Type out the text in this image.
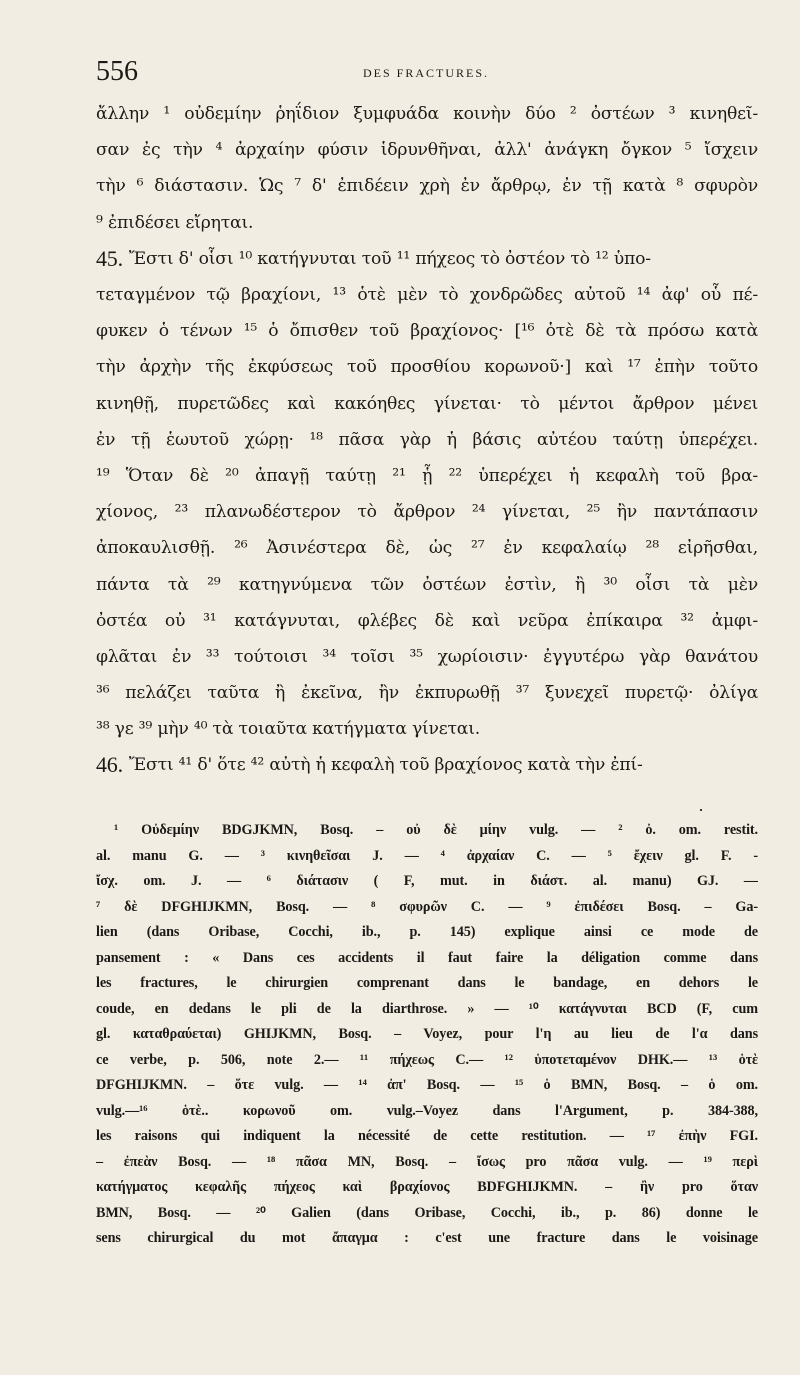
556	DES FRACTURES.
ἄλλην ¹ οὐδεμίην ῥηΐδιον ξυμφυάδα κοινὴν δύο ² ὀστέων ³ κινηθεῖ-
σαν ἐς τὴν ⁴ ἀρχαίην φύσιν ἱδρυνθῆναι, ἀλλ' ἀνάγκη ὄγκον ⁵ ἴσχειν
τὴν ⁶ διάστασιν. Ὡς ⁷ δ' ἐπιδέειν χρὴ ἐν ἄρθρῳ, ἐν τῇ κατὰ ⁸ σφυρὸν
⁹ ἐπιδέσει εἴρηται.
45. Ἔστι δ' οἷσι ¹⁰ κατήγνυται τοῦ ¹¹ πήχεος τὸ ὀστέον τὸ ¹² ὑπο-
τεταγμένον τῷ βραχίονι, ¹³ ὁτὲ μὲν τὸ χονδρῶδες αὐτοῦ ¹⁴ ἀφ' οὗ πέ-
φυκεν ὁ τένων ¹⁵ ὁ ὄπισθεν τοῦ βραχίονος· [¹⁶ ὁτὲ δὲ τὰ πρόσω κατὰ
τὴν ἀρχὴν τῆς ἐκφύσεως τοῦ προσθίου κορωνοῦ·] καὶ ¹⁷ ἐπὴν τοῦτο
κινηθῇ, πυρετῶδες καὶ κακόηθες γίνεται· τὸ μέντοι ἄρθρον μένει
ἐν τῇ ἑωυτοῦ χώρῃ· ¹⁸ πᾶσα γὰρ ἡ βάσις αὐτέου ταύτῃ ὑπερέχει.
¹⁹ Ὅταν δὲ ²⁰ ἀπαγῇ ταύτῃ ²¹ ᾗ ²² ὑπερέχει ἡ κεφαλὴ τοῦ βρα-
χίονος, ²³ πλανωδέστερον τὸ ἄρθρον ²⁴ γίνεται, ²⁵ ἢν παντάπασιν
ἀποκαυλισθῇ. ²⁶ Ἀσινέστερα δὲ, ὡς ²⁷ ἐν κεφαλαίῳ ²⁸ εἰρῆσθαι,
πάντα τὰ ²⁹ κατηγνύμενα τῶν ὀστέων ἐστὶν, ἢ ³⁰ οἷσι τὰ μὲν
ὀστέα οὐ ³¹ κατάγνυται, φλέβες δὲ καὶ νεῦρα ἐπίκαιρα ³² ἀμφι-
φλᾶται ἐν ³³ τούτοισι ³⁴ τοῖσι ³⁵ χωρίοισιν· ἐγγυτέρω γὰρ θανάτου
³⁶ πελάζει ταῦτα ἢ ἐκεῖνα, ἢν ἐκπυρωθῇ ³⁷ ξυνεχεῖ πυρετῷ· ὀλίγα
³⁸ γε ³⁹ μὴν ⁴⁰ τὰ τοιαῦτα κατήγματα γίνεται.
46. Ἔστι ⁴¹ δ' ὅτε ⁴² αὐτὴ ἡ κεφαλὴ τοῦ βραχίονος κατὰ τὴν ἐπί-
¹ Οὐδεμίην BDGJKMN, Bosq. – οὐ δὲ μίην vulg. — ² ὀ. om. restit.
al. manu G. — ³ κινηθεῖσαι J. — ⁴ ἀρχαίαν C. — ⁵ ἔχειν gl. F. -
ἴσχ. om. J. — ⁶ διάτασιν ( F, mut. in διάστ. al. manu) GJ. —
⁷ δὲ DFGHIJKMN, Bosq. — ⁸ σφυρῶν C. — ⁹ ἐπιδέσει Bosq. – Ga-
lien (dans Oribase, Cocchi, ib., p. 145) explique ainsi ce mode de
pansement : « Dans ces accidents il faut faire la déligation comme dans
les fractures, le chirurgien comprenant dans le bandage, en dehors le
coude, en dedans le pli de la diarthrose. » — ¹⁰ κατάγνυται BCD (F, cum
gl. καταθραύεται) GHIJKMN, Bosq. – Voyez, pour l'η au lieu de l'α dans
ce verbe, p. 506, note 2.— ¹¹ πήχεως C.— ¹² ὑποτεταμένον DHK.— ¹³ ὁτὲ
DFGHIJKMN. – ὅτε vulg. — ¹⁴ ἀπ' Bosq. — ¹⁵ ὁ BMN, Bosq. – ὁ om.
vulg.—¹⁶ ὁτὲ.. κορωνοῦ om. vulg.–Voyez dans l'Argument, p. 384-388,
les raisons qui indiquent la nécessité de cette restitution. — ¹⁷ ἐπὴν FGI.
– ἐπεὰν Bosq. — ¹⁸ πᾶσα MN, Bosq. – ἴσως pro πᾶσα vulg. — ¹⁹ περὶ
κατήγματος κεφαλῆς πήχεος καὶ βραχίονος BDFGHIJKMN. – ἢν pro ὅταν
BMN, Bosq. — ²⁰ Galien (dans Oribase, Cocchi, ib., p. 86) donne le
sens chirurgical du mot ἄπαγμα : c'est une fracture dans le voisinage
